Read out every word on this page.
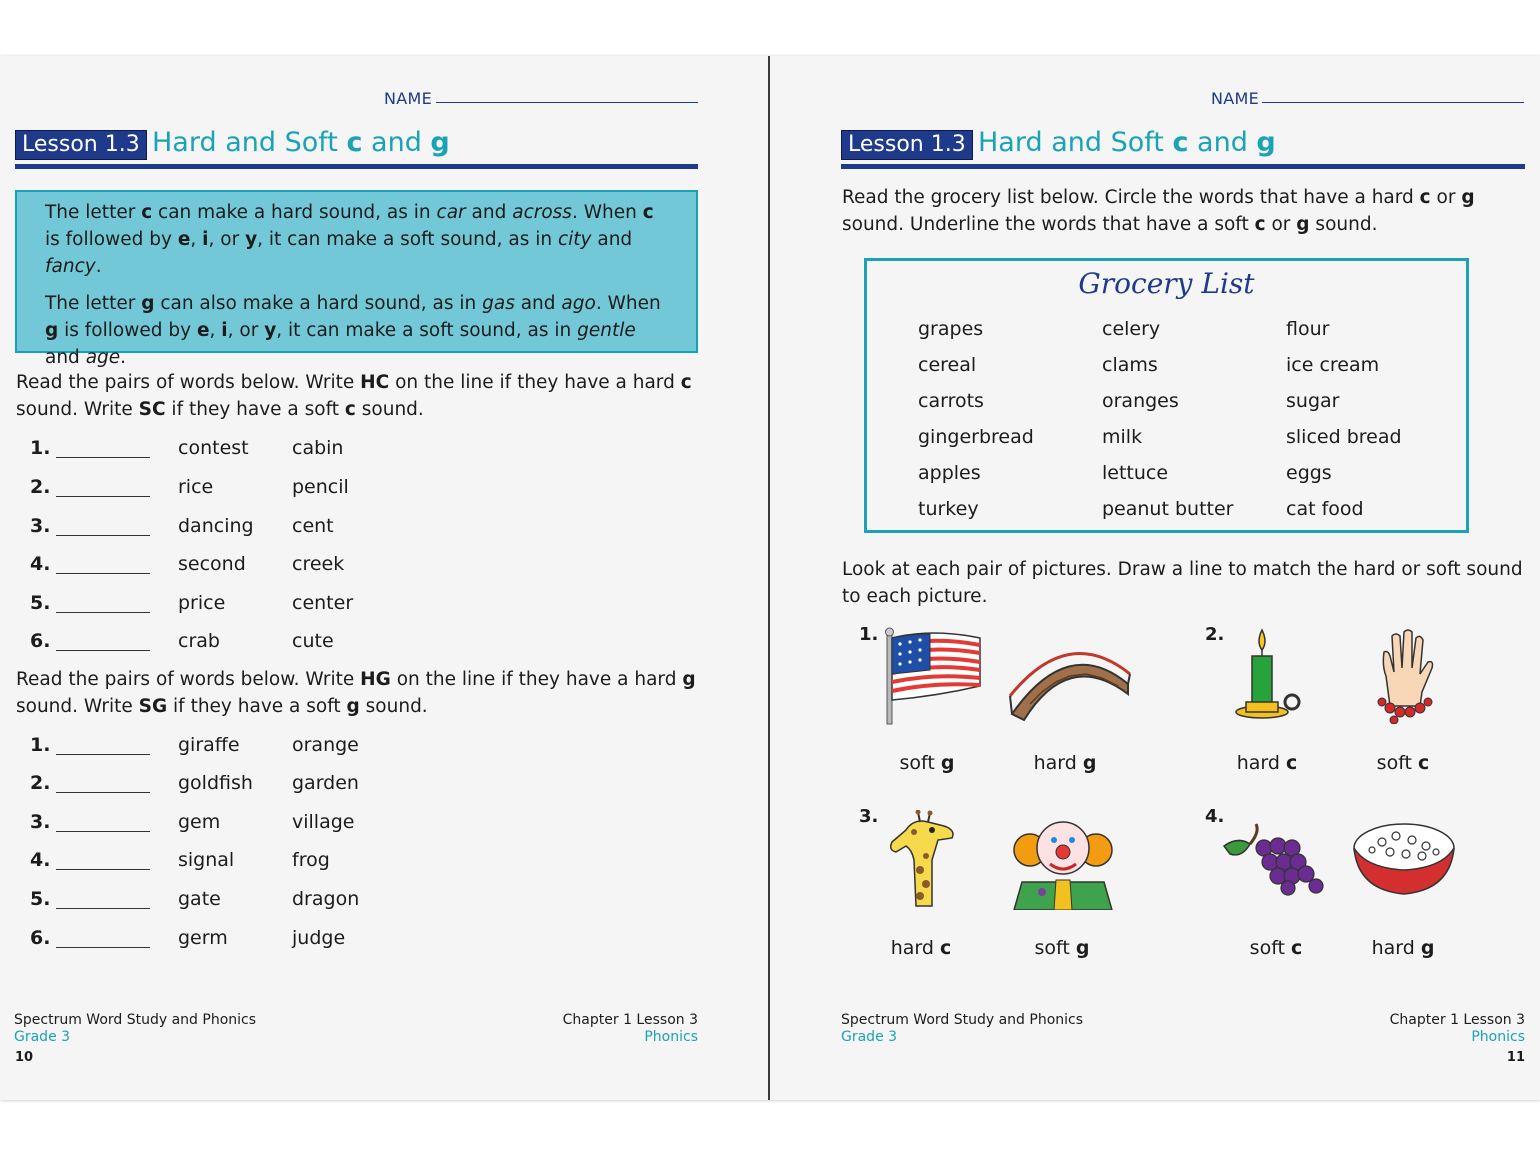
NAME
Lesson 1.3 Hard and Soft c and g

The letter c can make a hard sound, as in car and across. When c is followed by e, i, or y, it can make a soft sound, as in city and fancy.

The letter g can also make a hard sound, as in gas and ago. When g is followed by e, i, or y, it can make a soft sound, as in gentle and age.

Read the pairs of words below. Write HC on the line if they have a hard c sound. Write SC if they have a soft c sound.

1.	contest cabin
2.	rice	pencil
3.	dancing cent
4.	second creek
5.	price	center
6.	crab	cute

Read the pairs of words below. Write HG on the line if they have a hard g sound. Write SG if they have a soft g sound.

1.	giraffe	orange
2.	goldfish garden
3.	gem	village
4.	signal	frog
5.	gate	dragon
6.	germ	judge
Spectrum Word Study and Phonics
Grade 3
10
Chapter 1 Lesson 3
Phonics
NAME
Lesson 1.3 Hard and Soft c and g

Read the grocery list below. Circle the words that have a hard c or g sound. Underline the words that have a soft c or g sound.

Grocery List
grapes	celery	flour
cereal	clams	ice cream
carrots	oranges	sugar
gingerbread	milk	sliced bread
apples	lettuce	eggs
turkey	peanut butter	cat food
Look at each pair of pictures. Draw a line to match the hard or soft sound to each picture.
1.
soft g	hard g
2.
hard c	soft c
3.
hard c	soft g
4.
soft c	hard g
Spectrum Word Study and Phonics
Grade 3
Chapter 1 Lesson 3
Phonics
11
